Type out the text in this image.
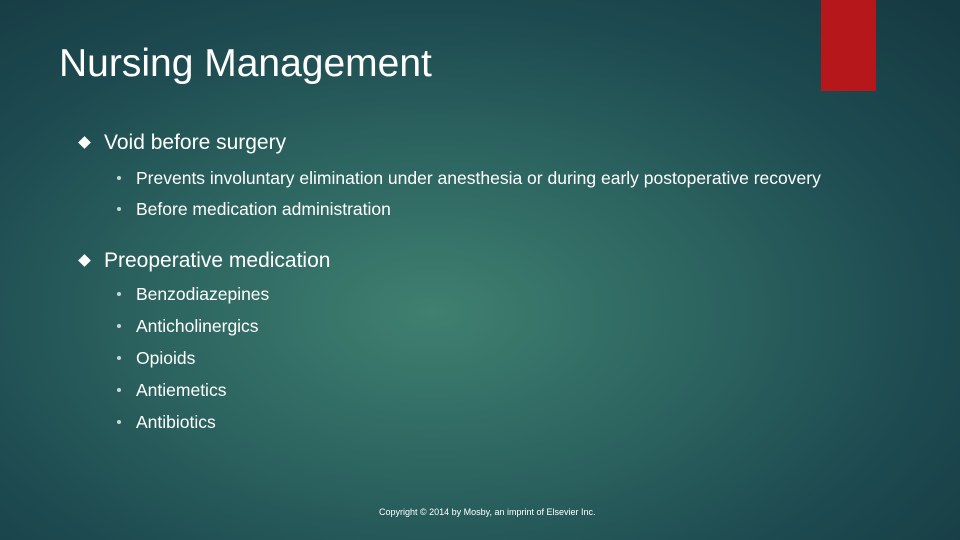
Nursing Management
Void before surgery
Prevents involuntary elimination under anesthesia or during early postoperative recovery
Before medication administration
Preoperative medication
Benzodiazepines
Anticholinergics
Opioids
Antiemetics
Antibiotics
Copyright © 2014 by Mosby, an imprint of Elsevier Inc.
